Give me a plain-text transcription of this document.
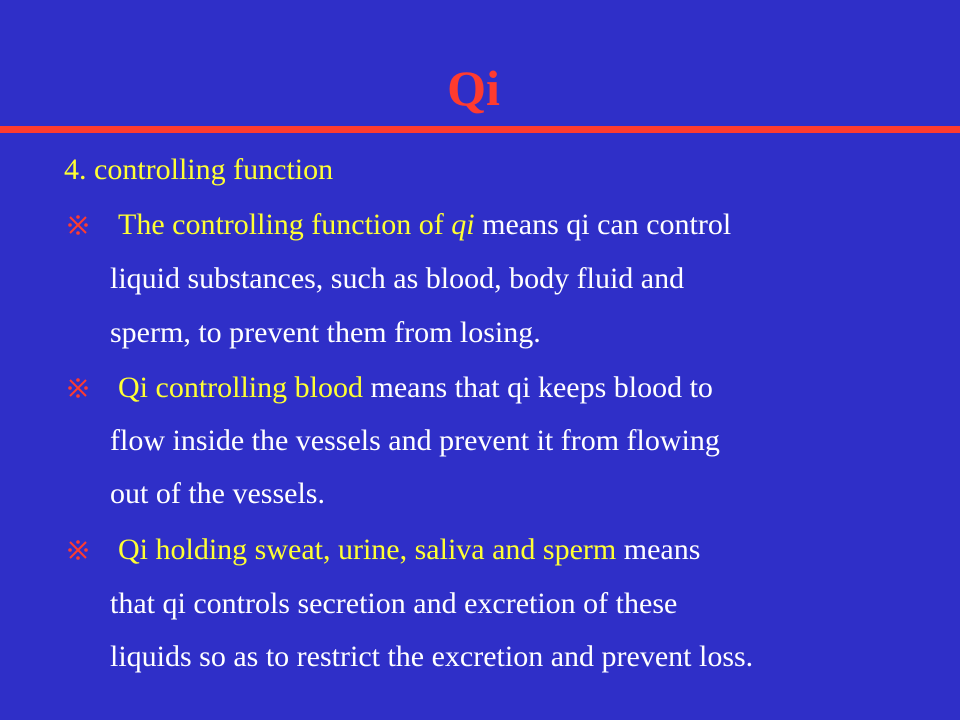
Qi
4. controlling function
The controlling function of qi means qi can control
liquid substances, such as blood, body fluid and
sperm, to prevent them from losing.
Qi controlling blood means that qi keeps blood to
flow inside the vessels and prevent it from flowing
out of the vessels.
Qi holding sweat, urine, saliva and sperm means
that qi controls secretion and excretion of these
liquids so as to restrict the excretion and prevent loss.
